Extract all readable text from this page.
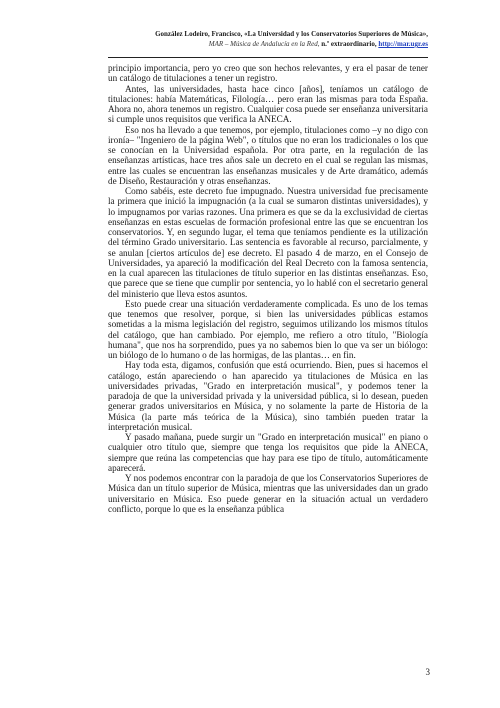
González Lodeiro, Francisco, «La Universidad y los Conservatorios Superiores de Música»,
MAR – Música de Andalucía en la Red, n.º extraordinario, http://mar.ugr.es

principio importancia, pero yo creo que son hechos relevantes, y era el pasar de tener un catálogo de titulaciones a tener un registro.

Antes, las universidades, hasta hace cinco [años], teníamos un catálogo de titulaciones: había Matemáticas, Filología… pero eran las mismas para toda España. Ahora no, ahora tenemos un registro. Cualquier cosa puede ser enseñanza universitaria si cumple unos requisitos que verifica la ANECA.

Eso nos ha llevado a que tenemos, por ejemplo, titulaciones como –y no digo con ironía– "Ingeniero de la página Web", o títulos que no eran los tradicionales o los que se conocían en la Universidad española. Por otra parte, en la regulación de las enseñanzas artísticas, hace tres años sale un decreto en el cual se regulan las mismas, entre las cuales se encuentran las enseñanzas musicales y de Arte dramático, además de Diseño, Restauración y otras enseñanzas.

Como sabéis, este decreto fue impugnado. Nuestra universidad fue precisamente la primera que inició la impugnación (a la cual se sumaron distintas universidades), y lo impugnamos por varias razones. Una primera es que se da la exclusividad de ciertas enseñanzas en estas escuelas de formación profesional entre las que se encuentran los conservatorios. Y, en segundo lugar, el tema que teníamos pendiente es la utilización del término Grado universitario. Las sentencia es favorable al recurso, parcialmente, y se anulan [ciertos artículos de] ese decreto. El pasado 4 de marzo, en el Consejo de Universidades, ya apareció la modificación del Real Decreto con la famosa sentencia, en la cual aparecen las titulaciones de título superior en las distintas enseñanzas. Eso, que parece que se tiene que cumplir por sentencia, yo lo hablé con el secretario general del ministerio que lleva estos asuntos.

Esto puede crear una situación verdaderamente complicada. Es uno de los temas que tenemos que resolver, porque, si bien las universidades públicas estamos sometidas a la misma legislación del registro, seguimos utilizando los mismos títulos del catálogo, que han cambiado. Por ejemplo, me refiero a otro título, "Biología humana", que nos ha sorprendido, pues ya no sabemos bien lo que va ser un biólogo: un biólogo de lo humano o de las hormigas, de las plantas… en fin.

Hay toda esta, digamos, confusión que está ocurriendo. Bien, pues si hacemos el catálogo, están apareciendo o han aparecido ya titulaciones de Música en las universidades privadas, "Grado en interpretación musical", y podemos tener la paradoja de que la universidad privada y la universidad pública, si lo desean, pueden generar grados universitarios en Música, y no solamente la parte de Historia de la Música (la parte más teórica de la Música), sino también pueden tratar la interpretación musical.

Y pasado mañana, puede surgir un "Grado en interpretación musical" en piano o cualquier otro título que, siempre que tenga los requisitos que pide la ANECA, siempre que reúna las competencias que hay para ese tipo de título, automáticamente aparecerá.

Y nos podemos encontrar con la paradoja de que los Conservatorios Superiores de Música dan un título superior de Música, mientras que las universidades dan un grado universitario en Música. Eso puede generar en la situación actual un verdadero conflicto, porque lo que es la enseñanza pública

3
